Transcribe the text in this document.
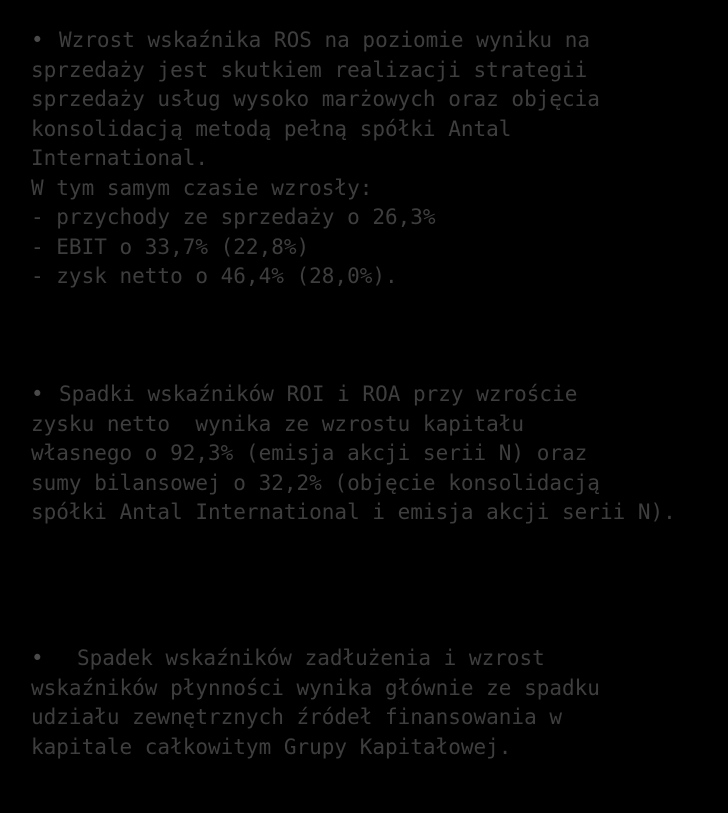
• Wzrost wskaźnika ROS na poziomie wyniku na

sprzedaży jest skutkiem realizacji strategii

sprzedaży usług wysoko marżowych oraz objęcia

konsolidacją metodą pełną spółki Antal

International.

W tym samym czasie wzrosły:

- przychody ze sprzedaży o 26,3%

- EBIT o 33,7% (22,8%)

- zysk netto o 46,4% (28,0%).

• Spadki wskaźników ROI i ROA przy wzroście

zysku netto  wynika ze wzrostu kapitału

własnego o 92,3% (emisja akcji serii N) oraz

sumy bilansowej o 32,2% (objęcie konsolidacją

spółki Antal International i emisja akcji serii N).

• Spadek wskaźników zadłużenia i wzrost

wskaźników płynności wynika głównie ze spadku

udziału zewnętrznych źródeł finansowania w

kapitale całkowitym Grupy Kapitałowej.
